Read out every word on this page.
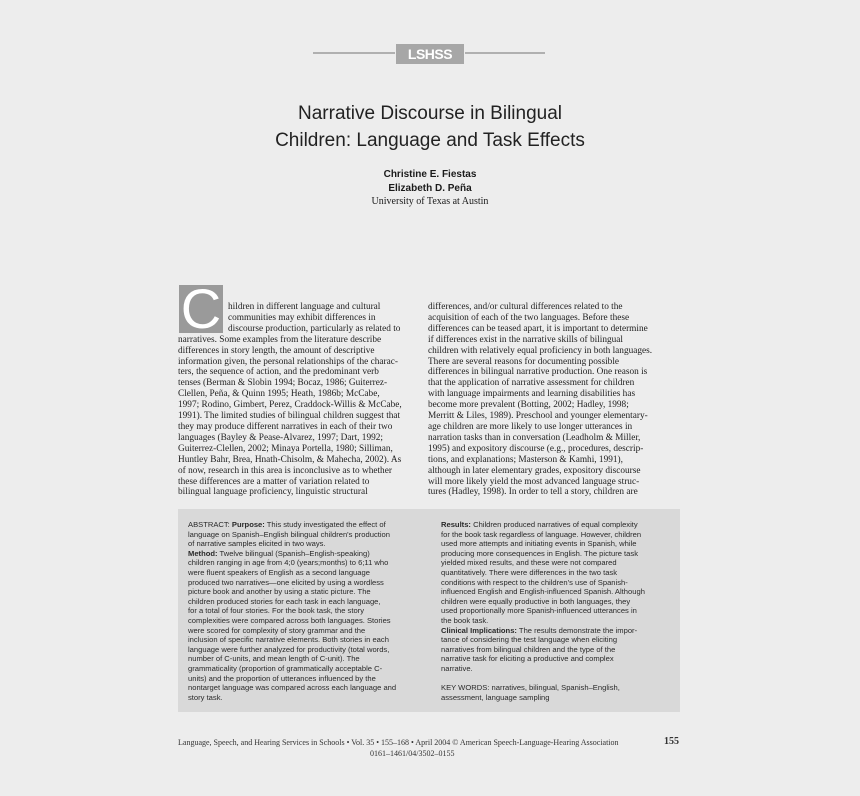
LSHSS
Narrative Discourse in Bilingual
Children: Language and Task Effects
Christine E. Fiestas
Elizabeth D. Peña
University of Texas at Austin
C hildren in different language and cultural
communities may exhibit differences in
discourse production, particularly as related to
narratives. Some examples from the literature describe
differences in story length, the amount of descriptive
information given, the personal relationships of the charac-
ters, the sequence of action, and the predominant verb
tenses (Berman & Slobin 1994; Bocaz, 1986; Guiterrez-
Clellen, Peña, & Quinn 1995; Heath, 1986b; McCabe,
1997; Rodino, Gimbert, Perez, Craddock-Willis & McCabe,
1991). The limited studies of bilingual children suggest that
they may produce different narratives in each of their two
languages (Bayley & Pease-Alvarez, 1997; Dart, 1992;
Guiterrez-Clellen, 2002; Minaya Portella, 1980; Silliman,
Huntley Bahr, Brea, Hnath-Chisolm, & Mahecha, 2002). As
of now, research in this area is inconclusive as to whether
these differences are a matter of variation related to
bilingual language proficiency, linguistic structural
differences, and/or cultural differences related to the
acquisition of each of the two languages. Before these
differences can be teased apart, it is important to determine
if differences exist in the narrative skills of bilingual
children with relatively equal proficiency in both languages.
There are several reasons for documenting possible
differences in bilingual narrative production. One reason is
that the application of narrative assessment for children
with language impairments and learning disabilities has
become more prevalent (Botting, 2002; Hadley, 1998;
Merritt & Liles, 1989). Preschool and younger elementary-
age children are more likely to use longer utterances in
narration tasks than in conversation (Leadholm & Miller,
1995) and expository discourse (e.g., procedures, descrip-
tions, and explanations; Masterson & Kamhi, 1991),
although in later elementary grades, expository discourse
will more likely yield the most advanced language struc-
tures (Hadley, 1998). In order to tell a story, children are
ABSTRACT: Purpose: This study investigated the effect of
language on Spanish–English bilingual children's production
of narrative samples elicited in two ways.
Method: Twelve bilingual (Spanish–English-speaking)
children ranging in age from 4;0 (years;months) to 6;11 who
were fluent speakers of English as a second language
produced two narratives—one elicited by using a wordless
picture book and another by using a static picture. The
children produced stories for each task in each language,
for a total of four stories. For the book task, the story
complexities were compared across both languages. Stories
were scored for complexity of story grammar and the
inclusion of specific narrative elements. Both stories in each
language were further analyzed for productivity (total words,
number of C-units, and mean length of C-unit). The
grammaticality (proportion of grammatically acceptable C-
units) and the proportion of utterances influenced by the
nontarget language was compared across each language and
story task.
Results: Children produced narratives of equal complexity
for the book task regardless of language. However, children
used more attempts and initiating events in Spanish, while
producing more consequences in English. The picture task
yielded mixed results, and these were not compared
quantitatively. There were differences in the two task
conditions with respect to the children's use of Spanish-
influenced English and English-influenced Spanish. Although
children were equally productive in both languages, they
used proportionally more Spanish-influenced utterances in
the book task.
Clinical Implications: The results demonstrate the impor-
tance of considering the test language when eliciting
narratives from bilingual children and the type of the
narrative task for eliciting a productive and complex
narrative.
KEY WORDS: narratives, bilingual, Spanish–English,
assessment, language sampling
Language, Speech, and Hearing Services in Schools • Vol. 35 • 155–168 • April 2004 © American Speech-Language-Hearing Association	155
0161–1461/04/3502–0155
